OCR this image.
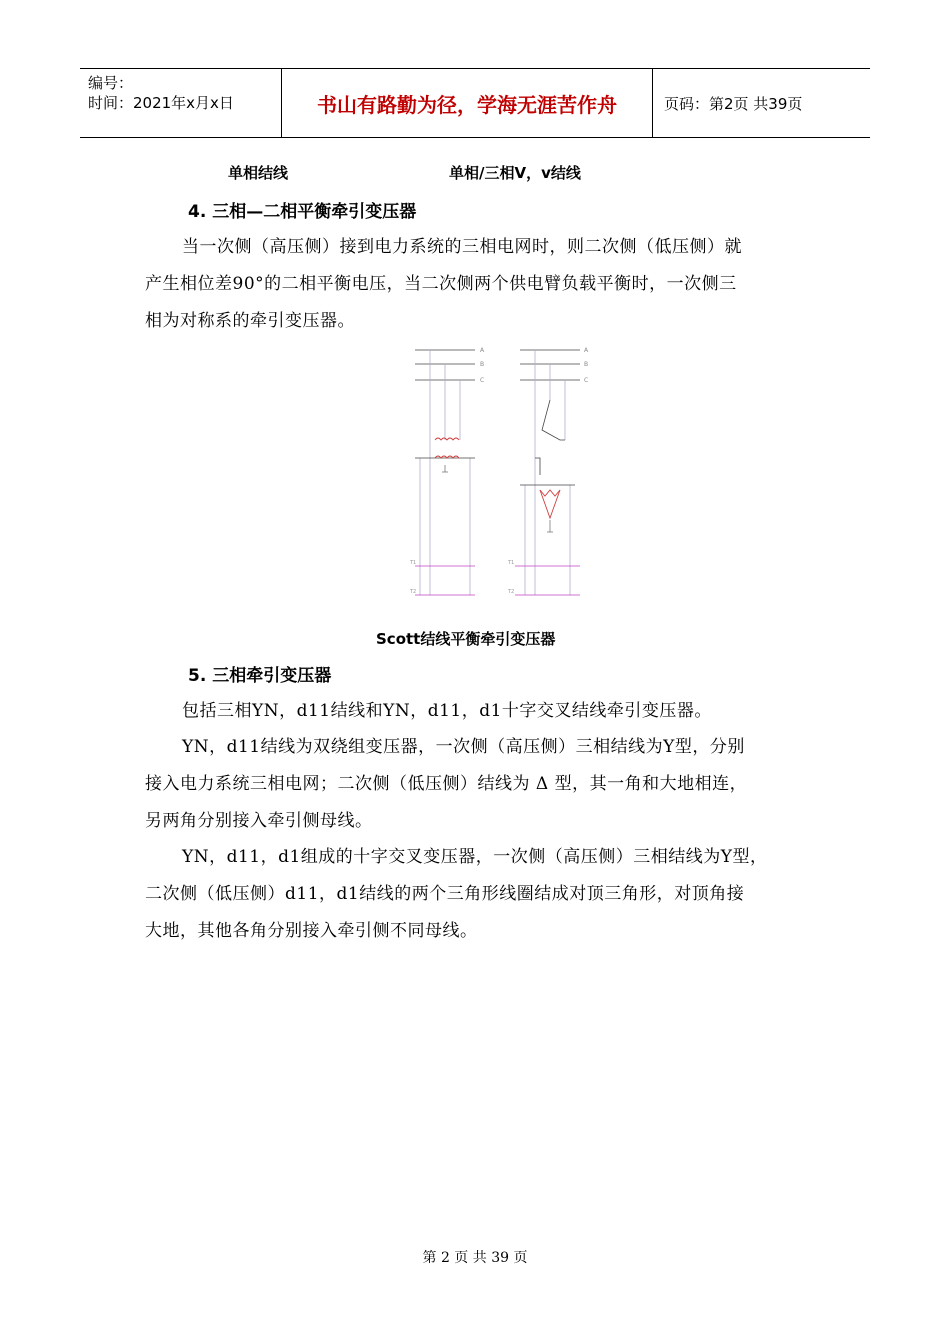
编号：
时间：2021年x月x日	书山有路勤为径，学海无涯苦作舟	页码：第2页 共39页
单相结线	单相/三相V，v结线
4. 三相—二相平衡牵引变压器
当一次侧（高压侧）接到电力系统的三相电网时，则二次侧（低压侧）就
产生相位差90°的二相平衡电压，当二次侧两个供电臂负载平衡时，一次侧三
相为对称系的牵引变压器。
A
B
C
A
B
C
T1
T2
T1
T2
Scott结线平衡牵引变压器
5. 三相牵引变压器
包括三相YN，d11结线和YN，d11，d1十字交叉结线牵引变压器。
YN，d11结线为双绕组变压器，一次侧（高压侧）三相结线为Y型，分别
接入电力系统三相电网；二次侧（低压侧）结线为 Δ 型，其一角和大地相连，
另两角分别接入牵引侧母线。
YN，d11，d1组成的十字交叉变压器，一次侧（高压侧）三相结线为Y型，
二次侧（低压侧）d11，d1结线的两个三角形线圈结成对顶三角形，对顶角接
大地，其他各角分别接入牵引侧不同母线。
第 2 页 共 39 页
